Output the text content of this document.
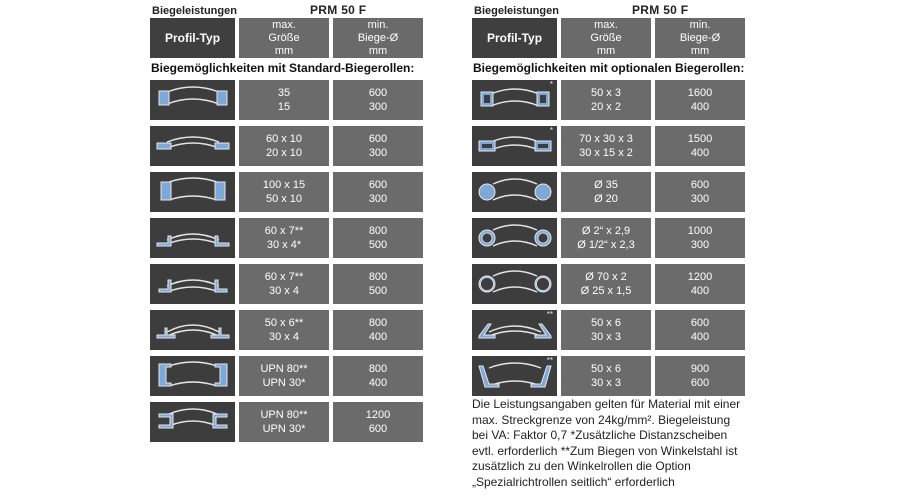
Biegeleistungen	PRM 50 F
Profil-Typ
max.
Größe
mm
min.
Biege-Ø
mm
Biegemöglichkeiten mit Standard-Biegerollen:
35
15
600
300
60 x 10
20 x 10
600
300
100 x 15
50 x 10
600
300
60 x 7**
30 x 4*
800
500
60 x 7**
30 x 4
800
500
50 x 6**
30 x 4
800
400
UPN 80**
UPN 30*
800
400
UPN 80**
UPN 30*
1200
600
Biegeleistungen	PRM 50 F
Profil-Typ
max.
Größe
mm
min.
Biege-Ø
mm
Biegemöglichkeiten mit optionalen Biegerollen:
*
50 x 3
20 x 2
1600
400
*
70 x 30 x 3
30 x 15 x 2
1500
400
Ø 35
Ø 20
600
300
Ø 2“ x 2,9
Ø 1/2“ x 2,3
1000
300
Ø 70 x 2
Ø 25 x 1,5
1200
400
**
50 x 6
30 x 3
600
400
**
50 x 6
30 x 3
900
600
Die Leistungsangaben gelten für Material mit einer
max. Streckgrenze von 24kg/mm². Biegeleistung
bei VA: Faktor 0,7 *Zusätzliche Distanzscheiben
evtl. erforderlich **Zum Biegen von Winkelstahl ist
zusätzlich zu den Winkelrollen die Option
„Spezialrichtrollen seitlich“ erforderlich
